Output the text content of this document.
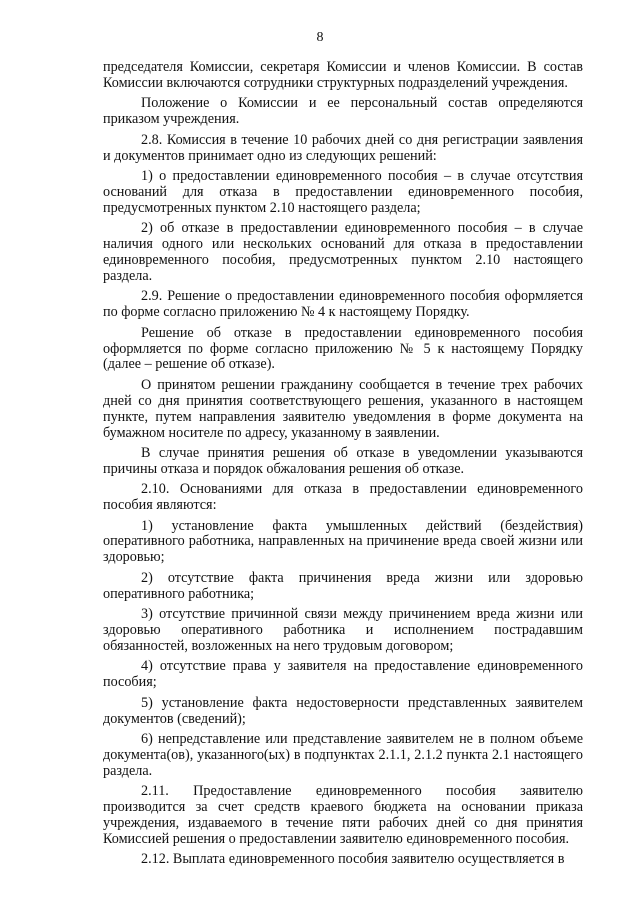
8

председателя Комиссии, секретаря Комиссии и членов Комиссии. В состав Комиссии включаются сотрудники структурных подразделений учреждения.

Положение о Комиссии и ее персональный состав определяются приказом учреждения.

2.8. Комиссия в течение 10 рабочих дней со дня регистрации заявления и документов принимает одно из следующих решений:

1) о предоставлении единовременного пособия – в случае отсутствия оснований для отказа в предоставлении единовременного пособия, предусмотренных пунктом 2.10 настоящего раздела;

2) об отказе в предоставлении единовременного пособия – в случае наличия одного или нескольких оснований для отказа в предоставлении единовременного пособия, предусмотренных пунктом 2.10 настоящего раздела.

2.9. Решение о предоставлении единовременного пособия оформляется по форме согласно приложению № 4 к настоящему Порядку.

Решение об отказе в предоставлении единовременного пособия оформляется по форме согласно приложению № 5 к настоящему Порядку (далее – решение об отказе).

О принятом решении гражданину сообщается в течение трех рабочих дней со дня принятия соответствующего решения, указанного в настоящем пункте, путем направления заявителю уведомления в форме документа на бумажном носителе по адресу, указанному в заявлении.

В случае принятия решения об отказе в уведомлении указываются причины отказа и порядок обжалования решения об отказе.

2.10. Основаниями для отказа в предоставлении единовременного пособия являются:

1) установление факта умышленных действий (бездействия) оперативного работника, направленных на причинение вреда своей жизни или здоровью;

2) отсутствие факта причинения вреда жизни или здоровью оперативного работника;

3) отсутствие причинной связи между причинением вреда жизни или здоровью оперативного работника и исполнением пострадавшим обязанностей, возложенных на него трудовым договором;

4) отсутствие права у заявителя на предоставление единовременного пособия;

5) установление факта недостоверности представленных заявителем документов (сведений);

6) непредставление или представление заявителем не в полном объеме документа(ов), указанного(ых) в подпунктах 2.1.1, 2.1.2 пункта 2.1 настоящего раздела.

2.11. Предоставление единовременного пособия заявителю производится за счет средств краевого бюджета на основании приказа учреждения, издаваемого в течение пяти рабочих дней со дня принятия Комиссией решения о предоставлении заявителю единовременного пособия.

2.12. Выплата единовременного пособия заявителю осуществляется в
